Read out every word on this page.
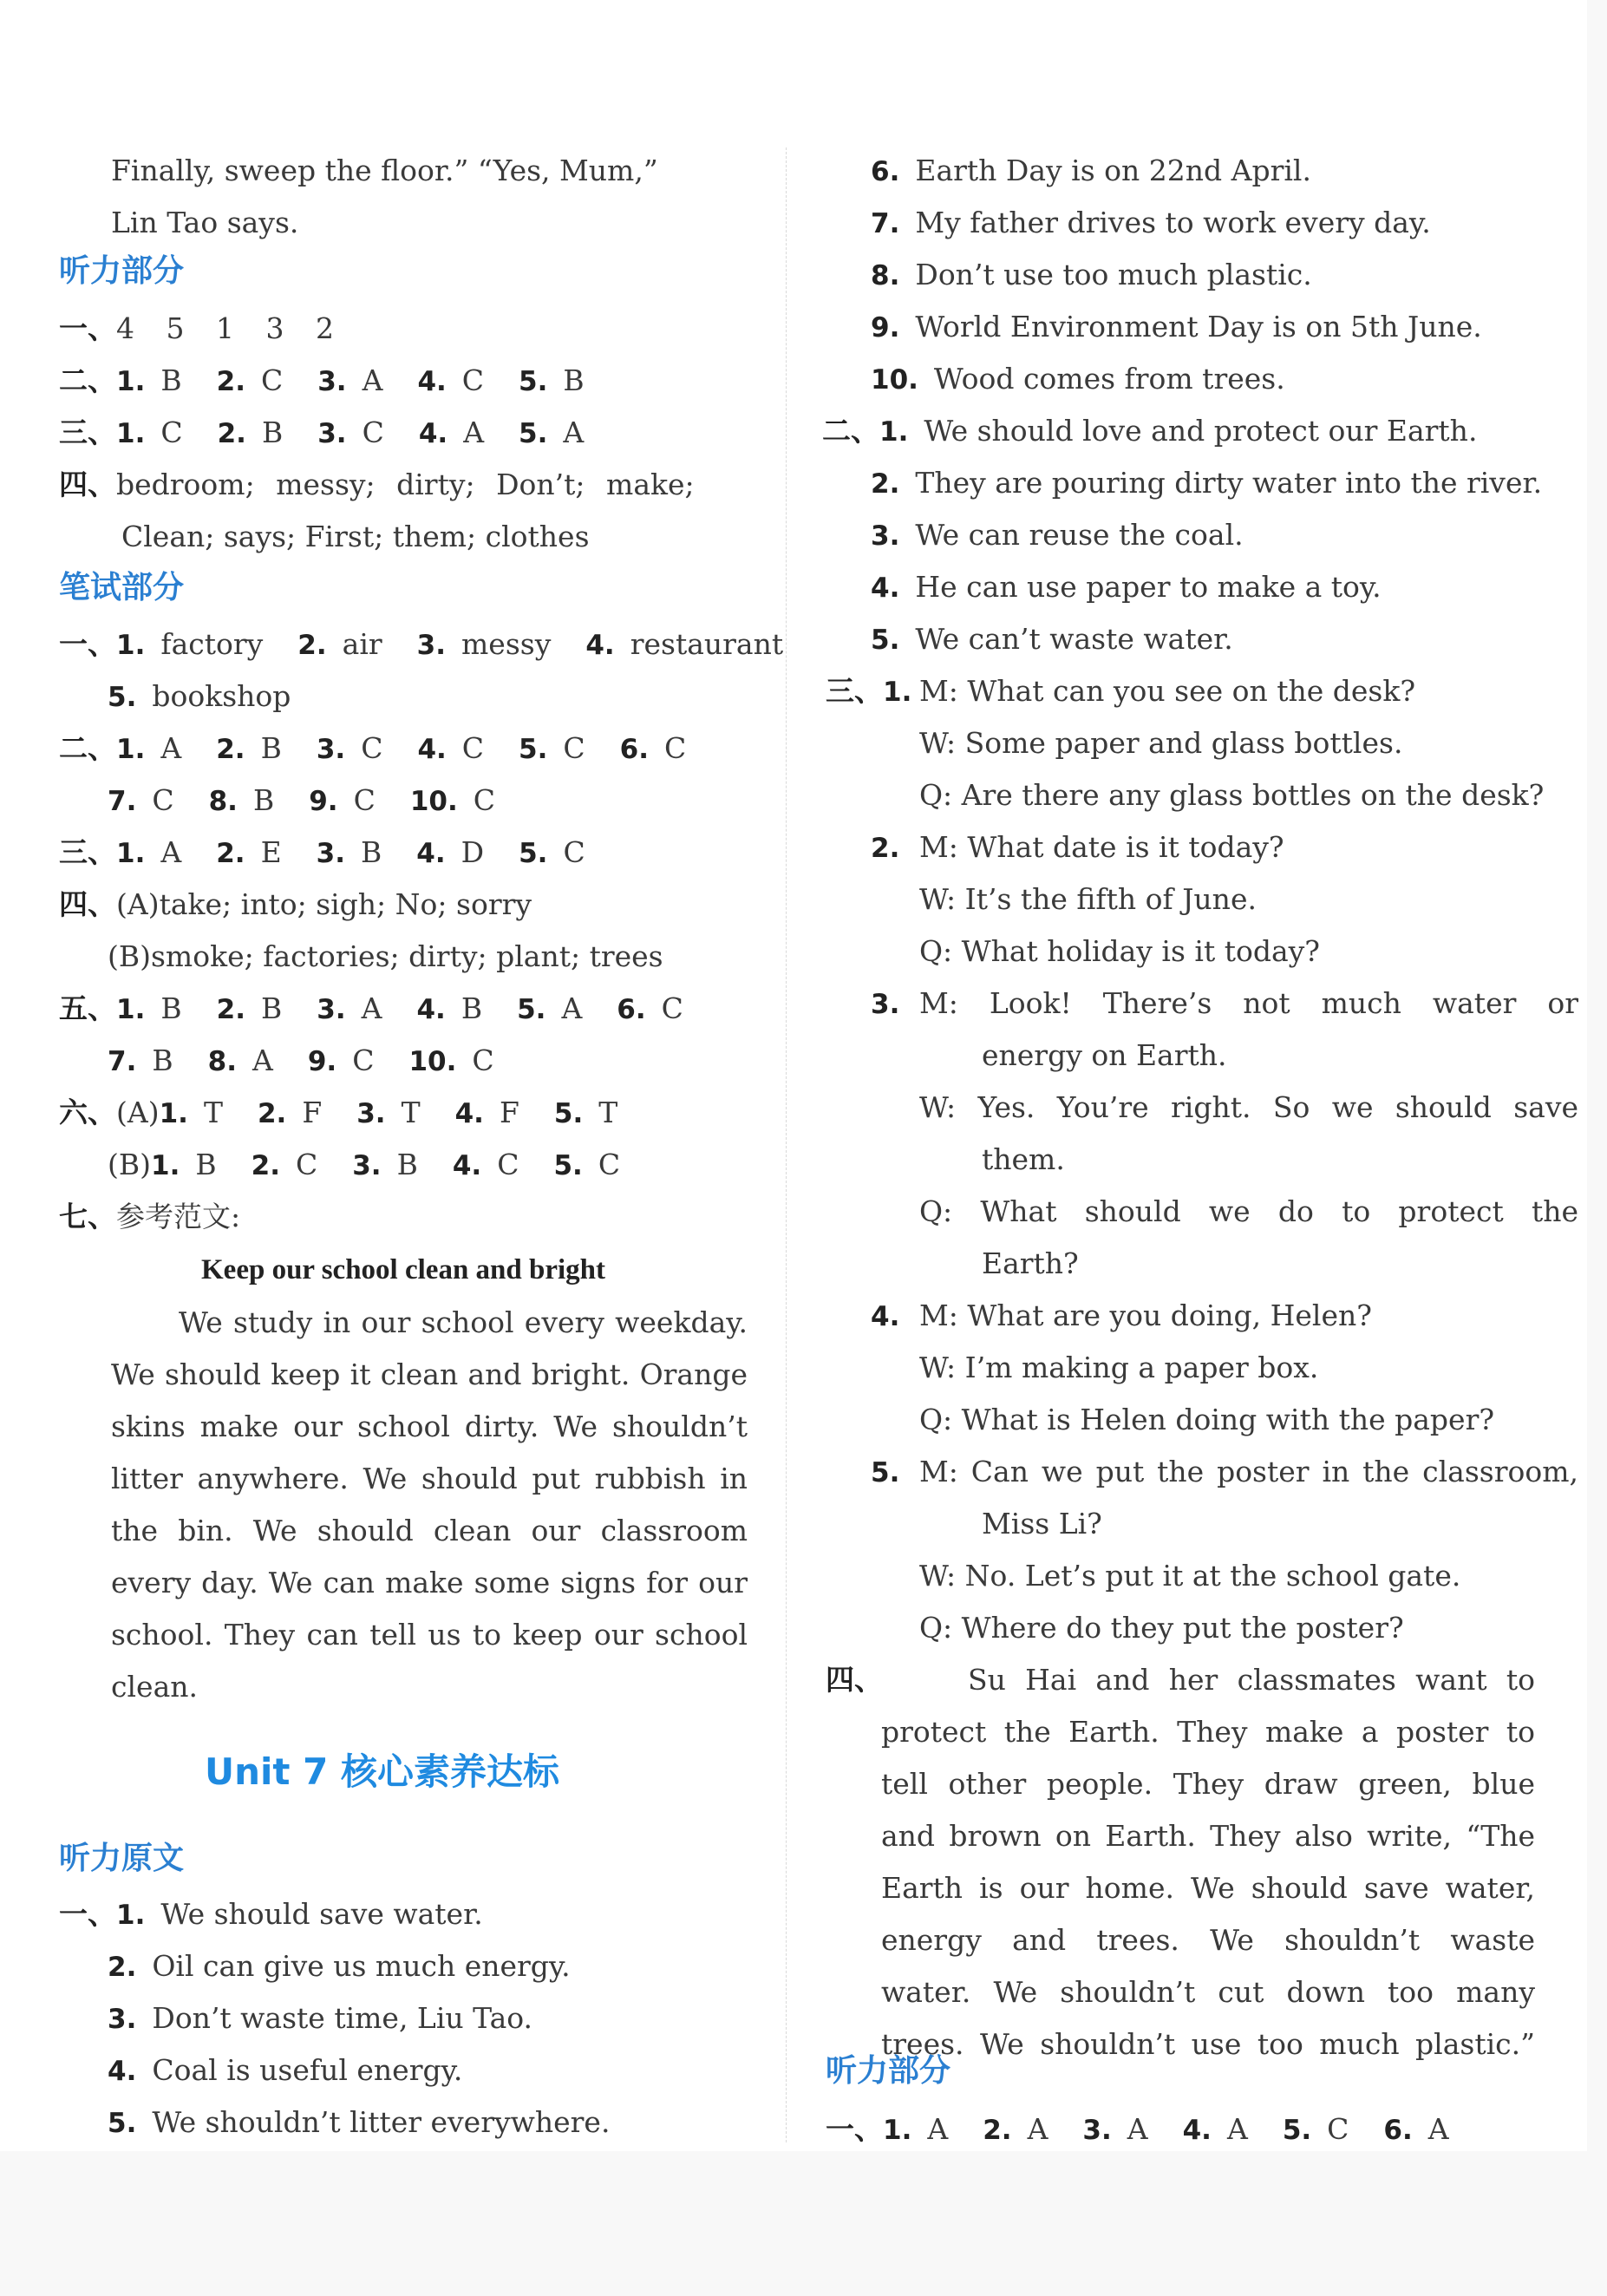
Finally, sweep the floor.” “Yes, Mum,”
Lin Tao says.
听力部分
一、4 5 1 3 2
二、1. B 2. C 3. A 4. C 5. B
三、1. C 2. B 3. C 4. A 5. A
四、bedroom; messy; dirty; Don’t; make;
Clean; says; First; them; clothes
笔试部分
一、1. factory 2. air 3. messy 4. restaurant
5. bookshop
二、1. A 2. B 3. C 4. C 5. C 6. C
7. C 8. B 9. C 10. C
三、1. A 2. E 3. B 4. D 5. C
四、(A)take; into; sigh; No; sorry
(B)smoke; factories; dirty; plant; trees
五、1. B 2. B 3. A 4. B 5. A 6. C
7. B 8. A 9. C 10. C
六、(A)1. T 2. F 3. T 4. F 5. T
(B)1. B 2. C 3. B 4. C 5. C
七、参考范文:
Keep our school clean and bright
We study in our school every weekday.
We should keep it clean and bright. Orange
skins make our school dirty. We shouldn’t
litter anywhere. We should put rubbish in
the bin. We should clean our classroom
every day. We can make some signs for our
school. They can tell us to keep our school
clean.
Unit 7 核心素养达标
听力原文
一、1. We should save water.
2. Oil can give us much energy.
3. Don’t waste time, Liu Tao.
4. Coal is useful energy.
5. We shouldn’t litter everywhere.
6. Earth Day is on 22nd April.
7. My father drives to work every day.
8. Don’t use too much plastic.
9. World Environment Day is on 5th June.
10. Wood comes from trees.
二、1. We should love and protect our Earth.
2. They are pouring dirty water into the river.
3. We can reuse the coal.
4. He can use paper to make a toy.
5. We can’t waste water.
M: What can you see on the desk?
W: Some paper and glass bottles.
Q: Are there any glass bottles on the desk?
M: What date is it today?
W: It’s the fifth of June.
Q: What holiday is it today?
M: Look! There’s not much water or
energy on Earth.
W: Yes. You’re right. So we should save
them.
Q: What should we do to protect the
Earth?
M: What are you doing, Helen?
W: I’m making a paper box.
Q: What is Helen doing with the paper?
M: Can we put the poster in the classroom,
Miss Li?
W: No. Let’s put it at the school gate.
Q: Where do they put the poster?
三、1.
2.
3.
4.
5.
四、	Su Hai and her classmates want to
protect the Earth. They make a poster to
tell other people. They draw green, blue
and brown on Earth. They also write, “The
Earth is our home. We should save water,
energy and trees. We shouldn’t waste
water. We shouldn’t cut down too many
trees. We shouldn’t use too much plastic.”
听力部分
一、1. A 2. A 3. A 4. A 5. C 6. A
